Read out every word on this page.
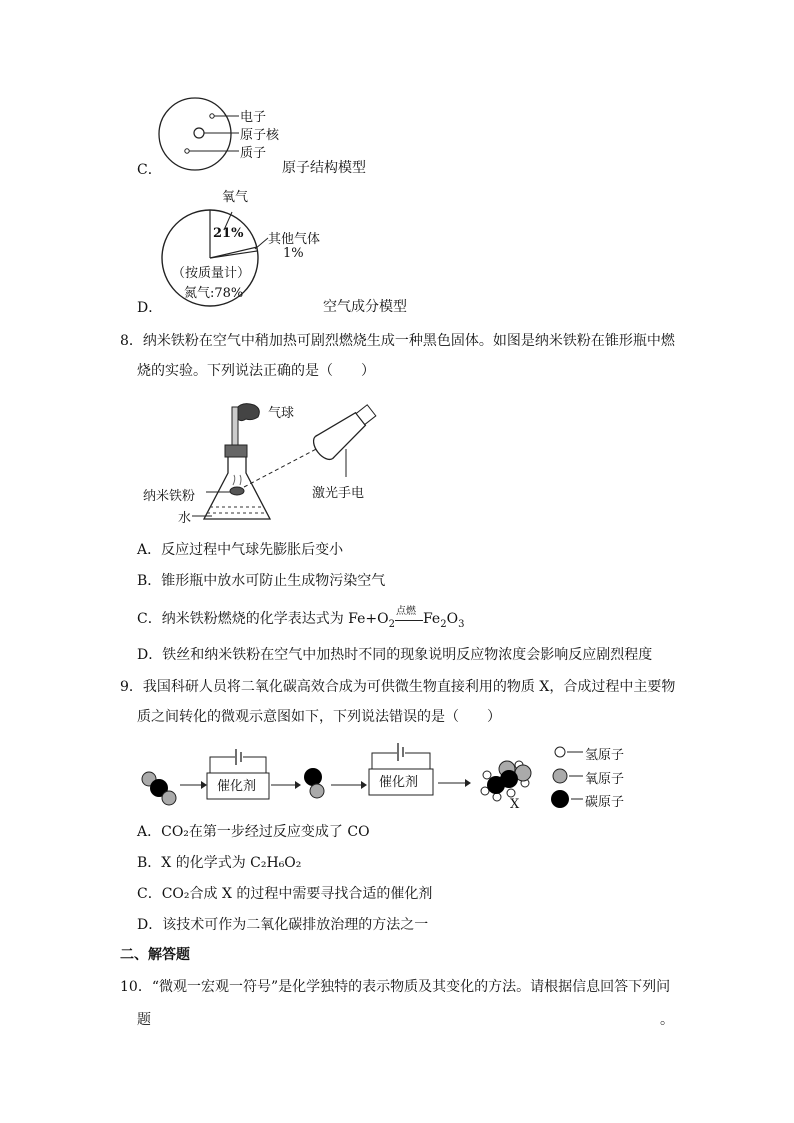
电子
原子核
质子
C．	原子结构模型
氧气
21% 其他气体
1%
（按质量计）
氮气:78%
D．	空气成分模型
8．纳米铁粉在空气中稍加热可剧烈燃烧生成一种黑色固体。如图是纳米铁粉在锥形瓶中燃
烧的实验。下列说法正确的是（　　）
气球
纳米铁粉
水
激光手电
A．反应过程中气球先膨胀后变小
B．锥形瓶中放水可防止生成物污染空气
C．纳米铁粉燃烧的化学表达式为 $Fe+O_2$
点燃 $Fe_2O_3$
D．铁丝和纳米铁粉在空气中加热时不同的现象说明反应物浓度会影响反应剧烈程度
9．我国科研人员将二氧化碳高效合成为可供微生物直接利用的物质 X，合成过程中主要物
质之间转化的微观示意图如下，下列说法错误的是（　　）
催化剂	催化剂
X
氢原子
氧原子
碳原子
A．CO₂在第一步经过反应变成了 CO
B．X 的化学式为 C₂H₆O₂
C．CO₂合成 X 的过程中需要寻找合适的催化剂
D．该技术可作为二氧化碳排放治理的方法之一
二、解答题
10．“微观一宏观一符号”是化学独特的表示物质及其变化的方法。请根据信息回答下列问
题	。
